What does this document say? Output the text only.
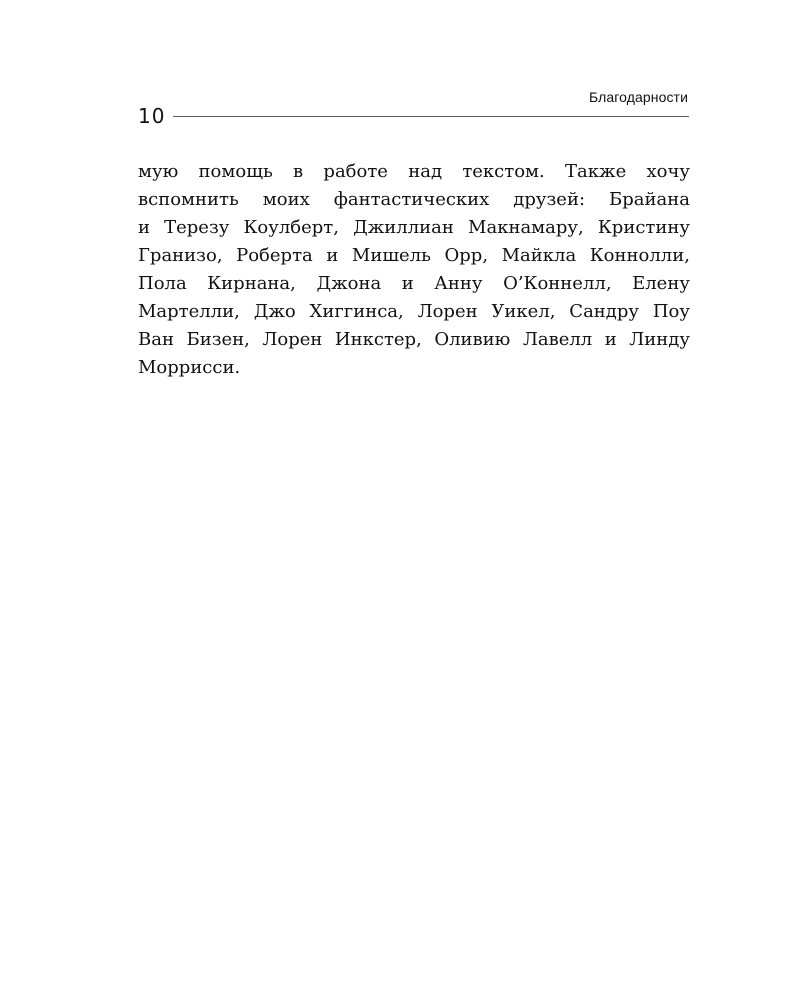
Благодарности
10
мую помощь в работе над текстом. Также хочу
вспомнить моих фантастических друзей: Брайана
и Терезу Коулберт, Джиллиан Макнамару, Кристину
Гранизо, Роберта и Мишель Орр, Майкла Коннолли,
Пола Кирнана, Джона и Анну О’Коннелл, Елену
Мартелли, Джо Хиггинса, Лорен Уикел, Сандру Поу
Ван Бизен, Лорен Инкстер, Оливию Лавелл и Линду
Моррисси.
